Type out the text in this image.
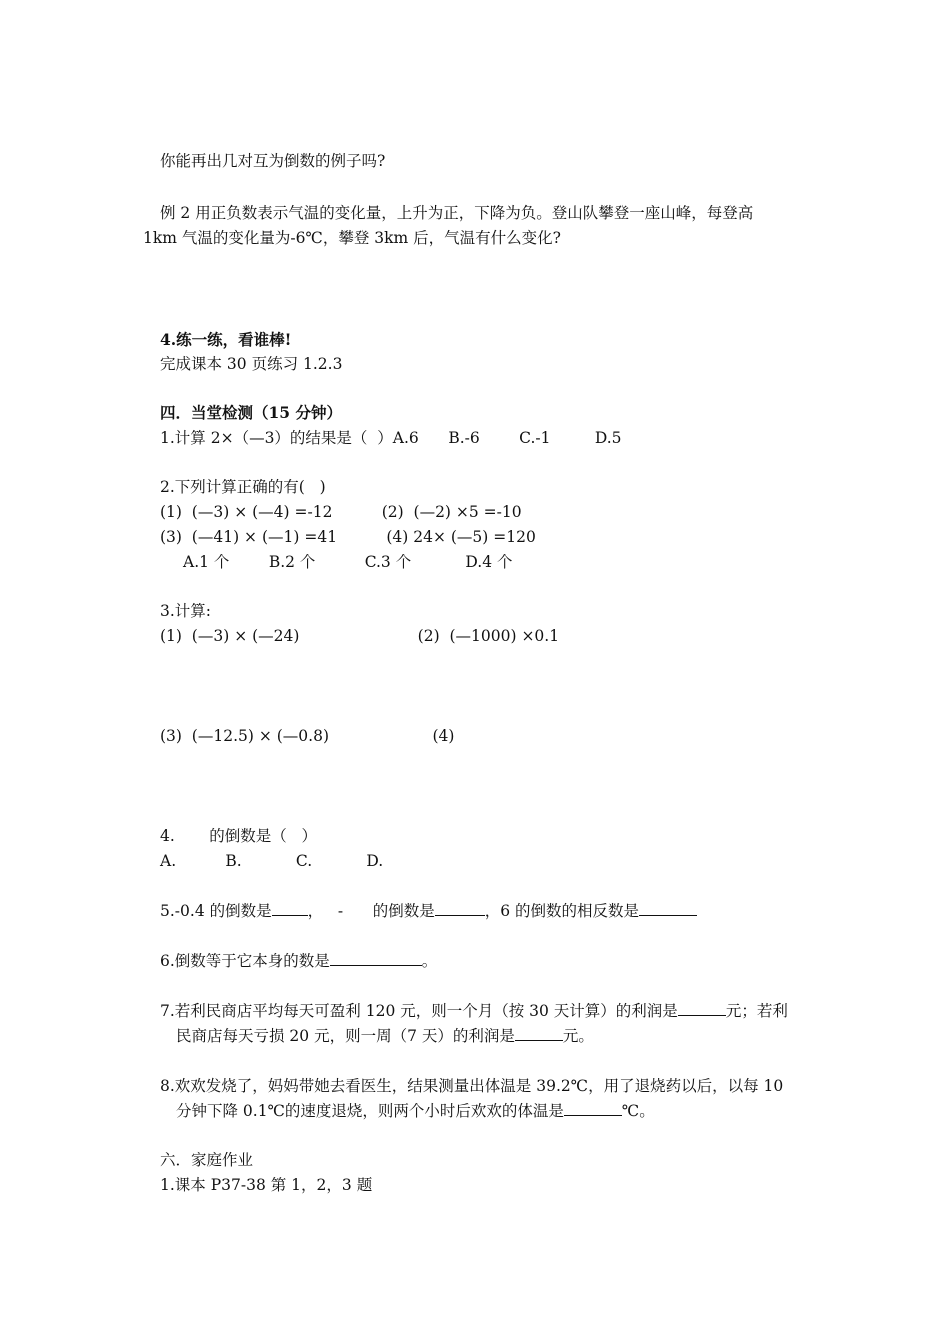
你能再出几对互为倒数的例子吗?
例 2 用正负数表示气温的变化量，上升为正，下降为负。登山队攀登一座山峰，每登高
1km 气温的变化量为-6℃，攀登 3km 后，气温有什么变化?
4.练一练，看谁棒!
完成课本 30 页练习 1.2.3
四．当堂检测（15 分钟）
1.计算 2×（—3）的结果是（  ）A.6      B.-6        C.-1         D.5
2.下列计算正确的有(   )
(1)  (—3) × (—4) =-12          (2)  (—2) ×5 =-10
(3)  (—41) × (—1) =41          (4) 24× (—5) =120
A.1 个        B.2 个          C.3 个           D.4 个
3.计算:
(1)  (—3) × (—24)                        (2)  (—1000) ×0.1
(3)  (—12.5) × (—0.8)                     (4)
4.       的倒数是（   ）
A.          B.           C.           D.
5.-0.4 的倒数是 ，   -      的倒数是	，6 的倒数的相反数是
6.倒数等于它本身的数是	。
7.若利民商店平均每天可盈利 120 元，则一个月（按 30 天计算）的利润是	元；若利
民商店每天亏损 20 元，则一周（7 天）的利润是	元。
8.欢欢发烧了，妈妈带她去看医生，结果测量出体温是 39.2℃，用了退烧药以后，以每 10
分钟下降 0.1℃的速度退烧，则两个小时后欢欢的体温是	℃。
六．家庭作业
1.课本 P37-38 第 1，2，3 题
